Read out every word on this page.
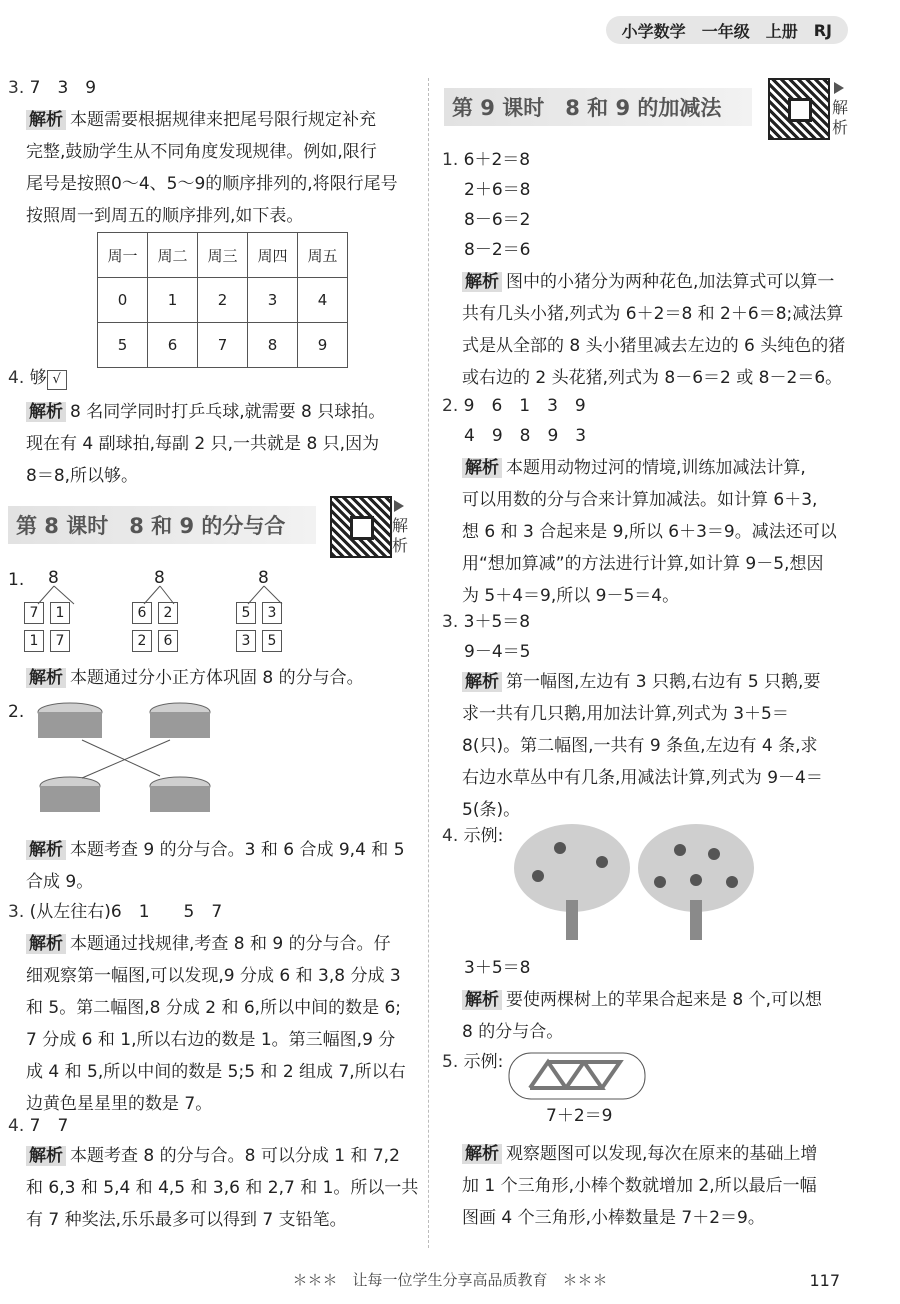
小学数学 一年级 上册 RJ
3. 7　3　9
解析 本题需要根据规律来把尾号限行规定补充
完整,鼓励学生从不同角度发现规律。例如,限行
尾号是按照0～4、5～9的顺序排列的,将限行尾号
按照周一到周五的顺序排列,如下表。
周一	周二	周三	周四	周五
0	1	2	3	4
5	6	7	8	9
4. 够 √
解析 8 名同学同时打乒乓球,就需要 8 只球拍。
现在有 4 副球拍,每副 2 只,一共就是 8 只,因为
8＝8,所以够。
第 8 课时　8 和 9 的分与合	解析
1. 8	8	8
7 1
1 7
6 2
2 6
5 3
3 5
解析 本题通过分小正方体巩固 8 的分与合。
2.
解析 本题考查 9 的分与合。3 和 6 合成 9,4 和 5
合成 9。
3. (从左往右)6　1　　5　7
解析 本题通过找规律,考查 8 和 9 的分与合。仔
细观察第一幅图,可以发现,9 分成 6 和 3,8 分成 3
和 5。第二幅图,8 分成 2 和 6,所以中间的数是 6;
7 分成 6 和 1,所以右边的数是 1。第三幅图,9 分
成 4 和 5,所以中间的数是 5;5 和 2 组成 7,所以右
边黄色星星里的数是 7。
4. 7　7
解析 本题考查 8 的分与合。8 可以分成 1 和 7,2
和 6,3 和 5,4 和 4,5 和 3,6 和 2,7 和 1。所以一共
有 7 种奖法,乐乐最多可以得到 7 支铅笔。
第 9 课时　8 和 9 的加减法	解析
1. 6＋2＝8
2＋6＝8
8－6＝2
8－2＝6
解析 图中的小猪分为两种花色,加法算式可以算一
共有几头小猪,列式为 6＋2＝8 和 2＋6＝8;减法算
式是从全部的 8 头小猪里减去左边的 6 头纯色的猪
或右边的 2 头花猪,列式为 8－6＝2 或 8－2＝6。
2. 9　6　1　3　9
4　9　8　9　3
解析 本题用动物过河的情境,训练加减法计算,
可以用数的分与合来计算加减法。如计算 6＋3,
想 6 和 3 合起来是 9,所以 6＋3＝9。减法还可以
用“想加算减”的方法进行计算,如计算 9－5,想因
为 5＋4＝9,所以 9－5＝4。
3. 3＋5＝8
9－4＝5
解析 第一幅图,左边有 3 只鹅,右边有 5 只鹅,要
求一共有几只鹅,用加法计算,列式为 3＋5＝
8(只)。第二幅图,一共有 9 条鱼,左边有 4 条,求
右边水草丛中有几条,用减法计算,列式为 9－4＝
5(条)。
4. 示例:
3＋5＝8
解析 要使两棵树上的苹果合起来是 8 个,可以想
8 的分与合。
5. 示例:
7＋2＝9
解析 观察题图可以发现,每次在原来的基础上增
加 1 个三角形,小棒个数就增加 2,所以最后一幅
图画 4 个三角形,小棒数量是 7＋2＝9。
＊＊＊　让每一位学生分享高品质教育　＊＊＊	117
